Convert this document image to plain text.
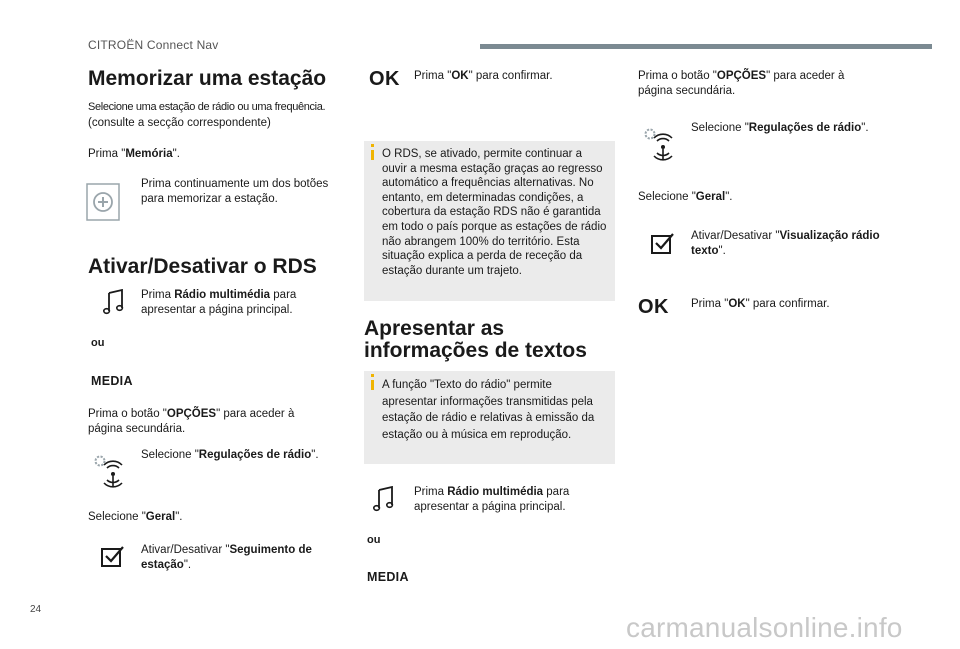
CITROËN Connect Nav
Memorizar uma estação
Selecione uma estação de rádio ou uma frequência.
(consulte a secção correspondente)
Prima "Memória".
Prima continuamente um dos botões para memorizar a estação.
Ativar/Desativar o RDS
Prima Rádio multimédia para apresentar a página principal.
ou
MEDIA
Prima o botão "OPÇÕES" para aceder à página secundária.
Selecione "Regulações de rádio".
Selecione "Geral".
Ativar/Desativar "Seguimento de estação".
OK Prima "OK" para confirmar.
O RDS, se ativado, permite continuar a ouvir a mesma estação graças ao regresso automático a frequências alternativas. No entanto, em determinadas condições, a cobertura da estação RDS não é garantida em todo o país porque as estações de rádio não abrangem 100% do território. Esta situação explica a perda de receção da estação durante um trajeto.
Apresentar as informações de textos
A função "Texto do rádio" permite apresentar informações transmitidas pela estação de rádio e relativas à emissão da estação ou à música em reprodução.
Prima Rádio multimédia para apresentar a página principal.
ou
MEDIA
Prima o botão "OPÇÕES" para aceder à página secundária.
Selecione "Regulações de rádio".
Selecione "Geral".
Ativar/Desativar "Visualização rádio texto".
OK Prima "OK" para confirmar.
24
carmanualsonline.info
